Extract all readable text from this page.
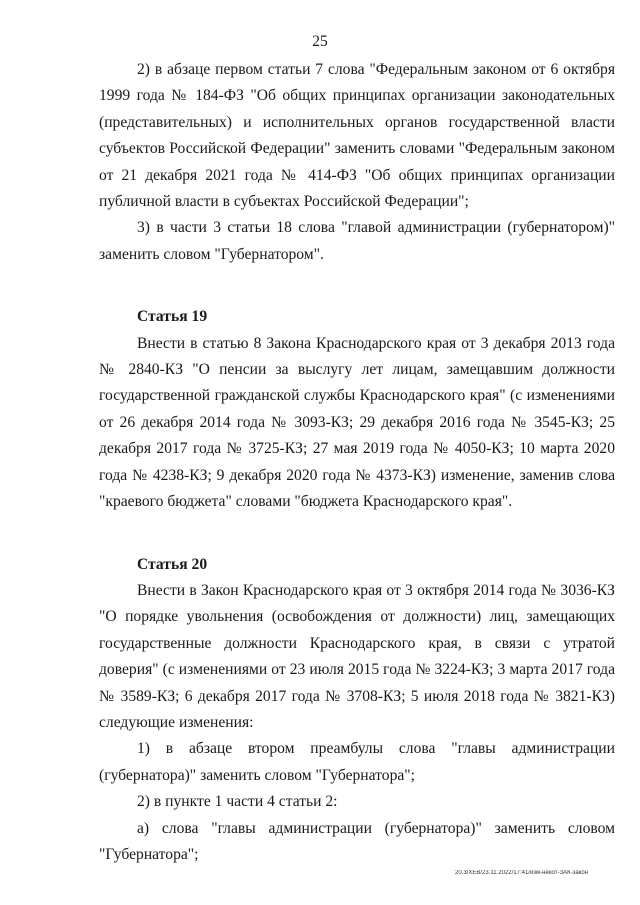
25

2) в абзаце первом статьи 7 слова "Федеральным законом от 6 октября 1999 года № 184-ФЗ "Об общих принципах организации законодательных (представительных) и исполнительных органов государственной власти субъектов Российской Федерации" заменить словами "Федеральным законом от 21 декабря 2021 года № 414-ФЗ "Об общих принципах организации публичной власти в субъектах Российской Федерации";

3) в части 3 статьи 18 слова "главой администрации (губернатором)" заменить словом "Губернатором".

Статья 19

Внести в статью 8 Закона Краснодарского края от 3 декабря 2013 года № 2840-КЗ "О пенсии за выслугу лет лицам, замещавшим должности государственной гражданской службы Краснодарского края" (с изменениями от 26 декабря 2014 года № 3093-КЗ; 29 декабря 2016 года № 3545-КЗ; 25 декабря 2017 года № 3725-КЗ; 27 мая 2019 года № 4050-КЗ; 10 марта 2020 года № 4238-КЗ; 9 декабря 2020 года № 4373-КЗ) изменение, заменив слова "краевого бюджета" словами "бюджета Краснодарского края".

Статья 20

Внести в Закон Краснодарского края от 3 октября 2014 года № 3036-КЗ "О порядке увольнения (освобождения от должности) лиц, замещающих государственные должности Краснодарского края, в связи с утратой доверия" (с изменениями от 23 июля 2015 года № 3224-КЗ; 3 марта 2017 года № 3589-КЗ; 6 декабря 2017 года № 3708-КЗ; 5 июля 2018 года № 3821-КЗ) следующие изменения:

1) в абзаце втором преамбулы слова "главы администрации (губернатора)" заменить словом "Губернатора";

2) в пункте 1 части 4 статьи 2:

а) слова "главы администрации (губернатора)" заменить словом "Губернатора";

20.3/ХЕВ/23.11.2022/17:41/изм-некот-ЗАК-закон
